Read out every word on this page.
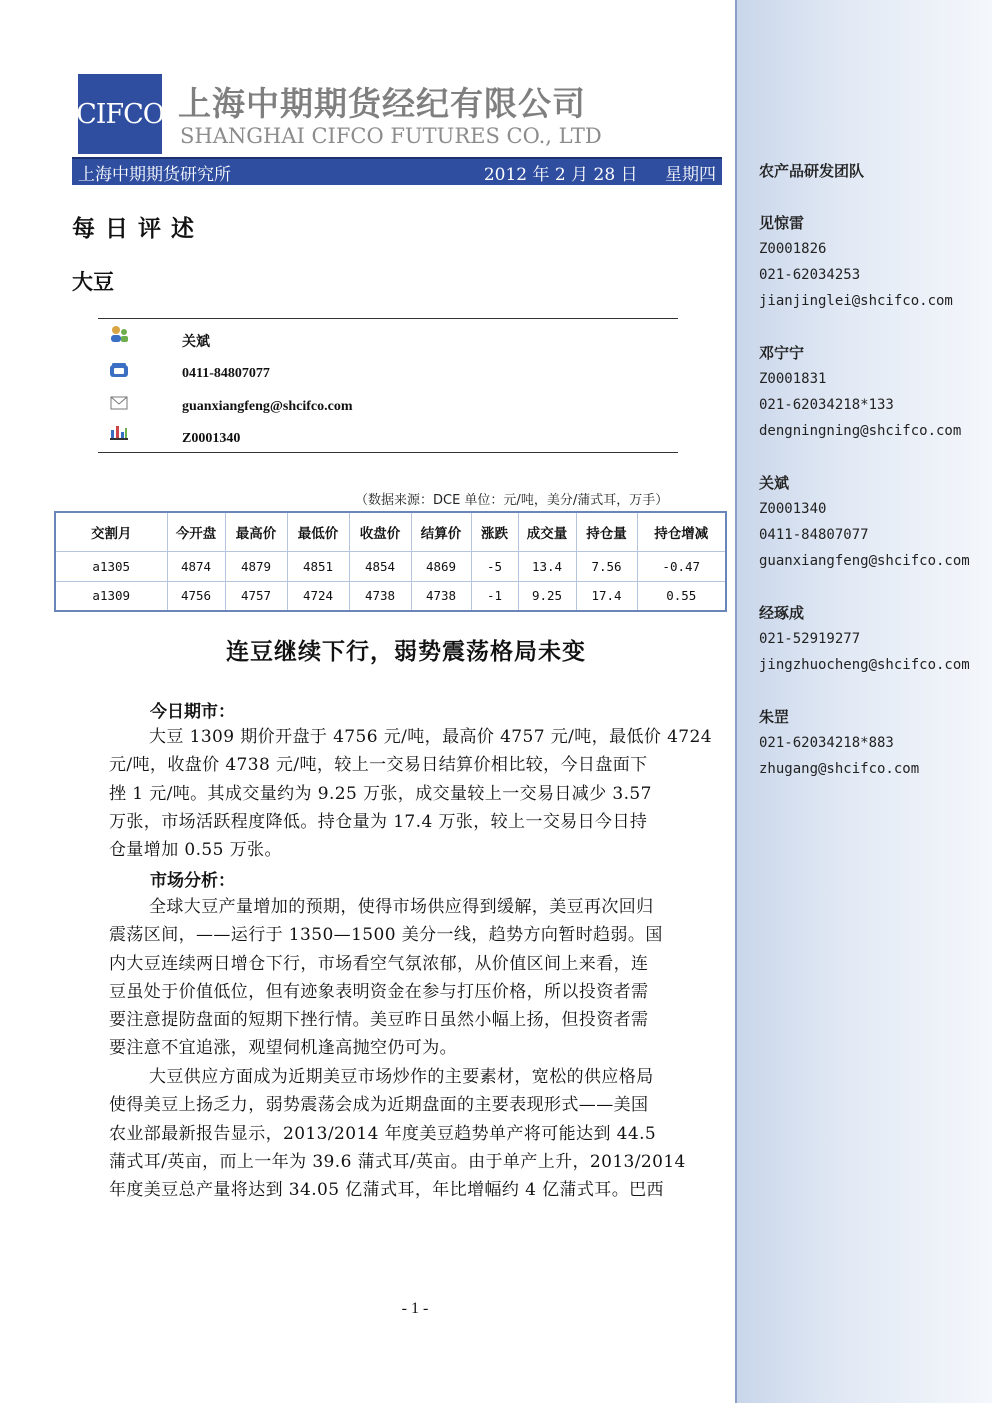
农产品研发团队
见惊雷
Z0001826
021-62034253
jianjinglei@shcifco.com
邓宁宁
Z0001831
021-62034218*133
dengningning@shcifco.com
关斌
Z0001340
0411-84807077
guanxiangfeng@shcifco.com
经琢成
021-52919277
jingzhuocheng@shcifco.com
朱罡
021-62034218*883
zhugang@shcifco.com
CIFCO 上海中期期货经纪有限公司
SHANGHAI CIFCO FUTURES CO., LTD
上海中期期货研究所	2012 年 2 月 28 日 星期四
每日评述
大豆
关斌
0411-84807077
guanxiangfeng@shcifco.com
Z0001340
（数据来源：DCE 单位：元/吨，美分/蒲式耳，万手）
交割月	今开盘	最高价	最低价	收盘价	结算价	涨跌	成交量	持仓量	持仓增减
a1305	4874	4879	4851	4854	4869	-5	13.4	7.56	-0.47
a1309	4756	4757	4724	4738	4738	-1	9.25	17.4	0.55
连豆继续下行，弱势震荡格局未变
今日期市：
大豆 1309 期价开盘于 4756 元/吨，最高价 4757 元/吨，最低价 4724
元/吨，收盘价 4738 元/吨，较上一交易日结算价相比较，今日盘面下
挫 1 元/吨。其成交量约为 9.25 万张，成交量较上一交易日减少 3.57
万张，市场活跃程度降低。持仓量为 17.4 万张，较上一交易日今日持
仓量增加 0.55 万张。
市场分析：
全球大豆产量增加的预期，使得市场供应得到缓解，美豆再次回归
震荡区间，——运行于 1350—1500 美分一线，趋势方向暂时趋弱。国
内大豆连续两日增仓下行，市场看空气氛浓郁，从价值区间上来看，连
豆虽处于价值低位，但有迹象表明资金在参与打压价格，所以投资者需
要注意提防盘面的短期下挫行情。美豆昨日虽然小幅上扬，但投资者需
要注意不宜追涨，观望伺机逢高抛空仍可为。
大豆供应方面成为近期美豆市场炒作的主要素材，宽松的供应格局
使得美豆上扬乏力，弱势震荡会成为近期盘面的主要表现形式——美国
农业部最新报告显示，2013/2014 年度美豆趋势单产将可能达到 44.5
蒲式耳/英亩，而上一年为 39.6 蒲式耳/英亩。由于单产上升，2013/2014
年度美豆总产量将达到 34.05 亿蒲式耳，年比增幅约 4 亿蒲式耳。巴西
- 1 -
